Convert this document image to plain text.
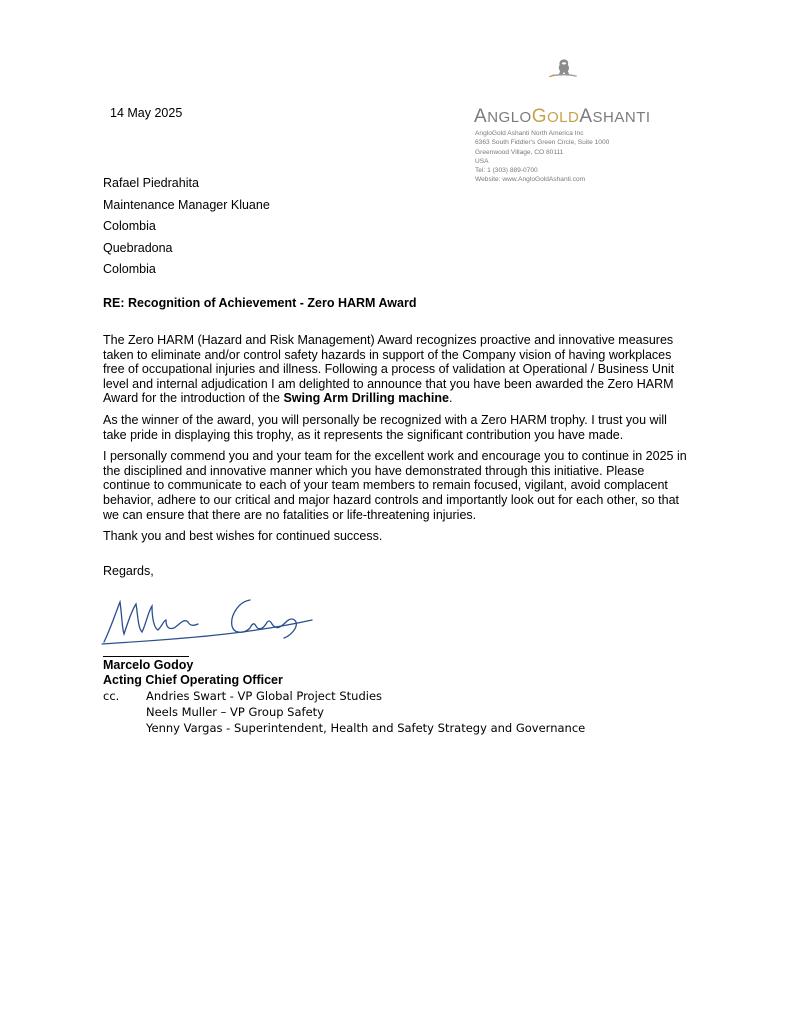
14 May 2025	ANGLOGOLDASHANTI
AngloGold Ashanti North America Inc
6363 South Fiddler's Green Circle, Suite 1000
Greenwood Village, CO 80111
USA
Tel: 1 (303) 889-0700
Website: www.AngloGoldAshanti.com
Rafael Piedrahita
Maintenance Manager Kluane
Colombia
Quebradona
Colombia
RE: Recognition of Achievement - Zero HARM Award

The Zero HARM (Hazard and Risk Management) Award recognizes proactive and innovative measures taken to eliminate and/or control safety hazards in support of the Company vision of having workplaces free of occupational injuries and illness. Following a process of validation at Operational / Business Unit level and internal adjudication I am delighted to announce that you have been awarded the Zero HARM Award for the introduction of the Swing Arm Drilling machine.

As the winner of the award, you will personally be recognized with a Zero HARM trophy. I trust you will take pride in displaying this trophy, as it represents the significant contribution you have made.

I personally commend you and your team for the excellent work and encourage you to continue in 2025 in the disciplined and innovative manner which you have demonstrated through this initiative. Please continue to communicate to each of your team members to remain focused, vigilant, avoid complacent behavior, adhere to our critical and major hazard controls and importantly look out for each other, so that we can ensure that there are no fatalities or life-threatening injuries.

Thank you and best wishes for continued success.

Regards,
Marcelo Godoy
Acting Chief Operating Officer
cc. Andries Swart - VP Global Project Studies
Neels Muller – VP Group Safety
Yenny Vargas - Superintendent, Health and Safety Strategy and Governance
